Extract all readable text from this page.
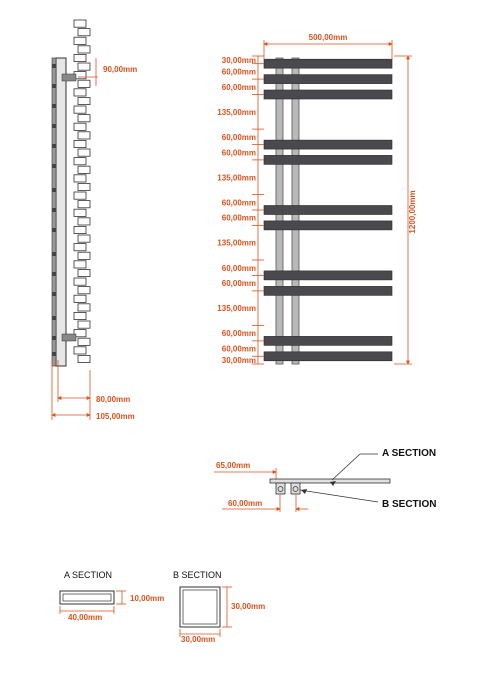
90,00mm
80,00mm
105,00mm
500,00mm
1200,00mm
30,00mm
60,00mm
60,00mm
135,00mm
60,00mm
60,00mm
135,00mm
60,00mm
60,00mm
135,00mm
60,00mm
60,00mm
135,00mm
60,00mm
60,00mm
30,00mm
65,00mm
60,00mm
A SECTION
B SECTION
A SECTION
10,00mm
40,00mm
B SECTION
30,00mm
30,00mm
